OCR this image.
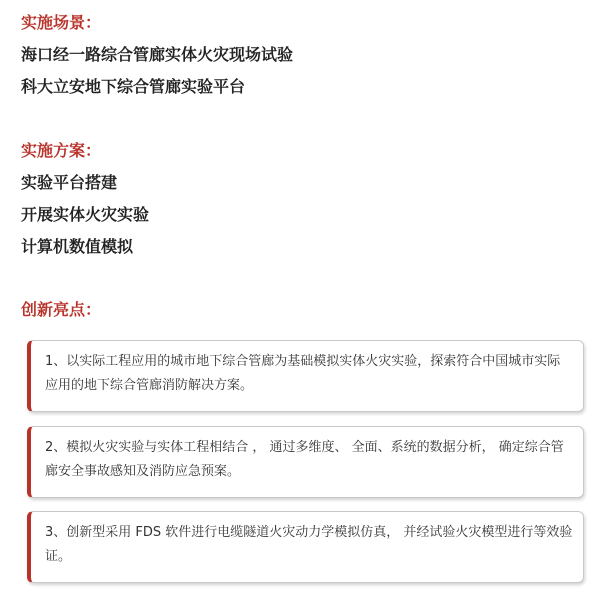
实施场景：
海口经一路综合管廊实体火灾现场试验
科大立安地下综合管廊实验平台
实施方案：
实验平台搭建
开展实体火灾实验
计算机数值模拟
创新亮点：
1、以实际工程应用的城市地下综合管廊为基础模拟实体火灾实验，探索符合中国城市实际应用的地下综合管廊消防解决方案。
2、模拟火灾实验与实体工程相结合 ， 通过多维度、 全面、系统的数据分析， 确定综合管廊安全事故感知及消防应急预案。
3、创新型采用 FDS 软件进行电缆隧道火灾动力学模拟仿真， 并经试验火灾模型进行等效验证。
